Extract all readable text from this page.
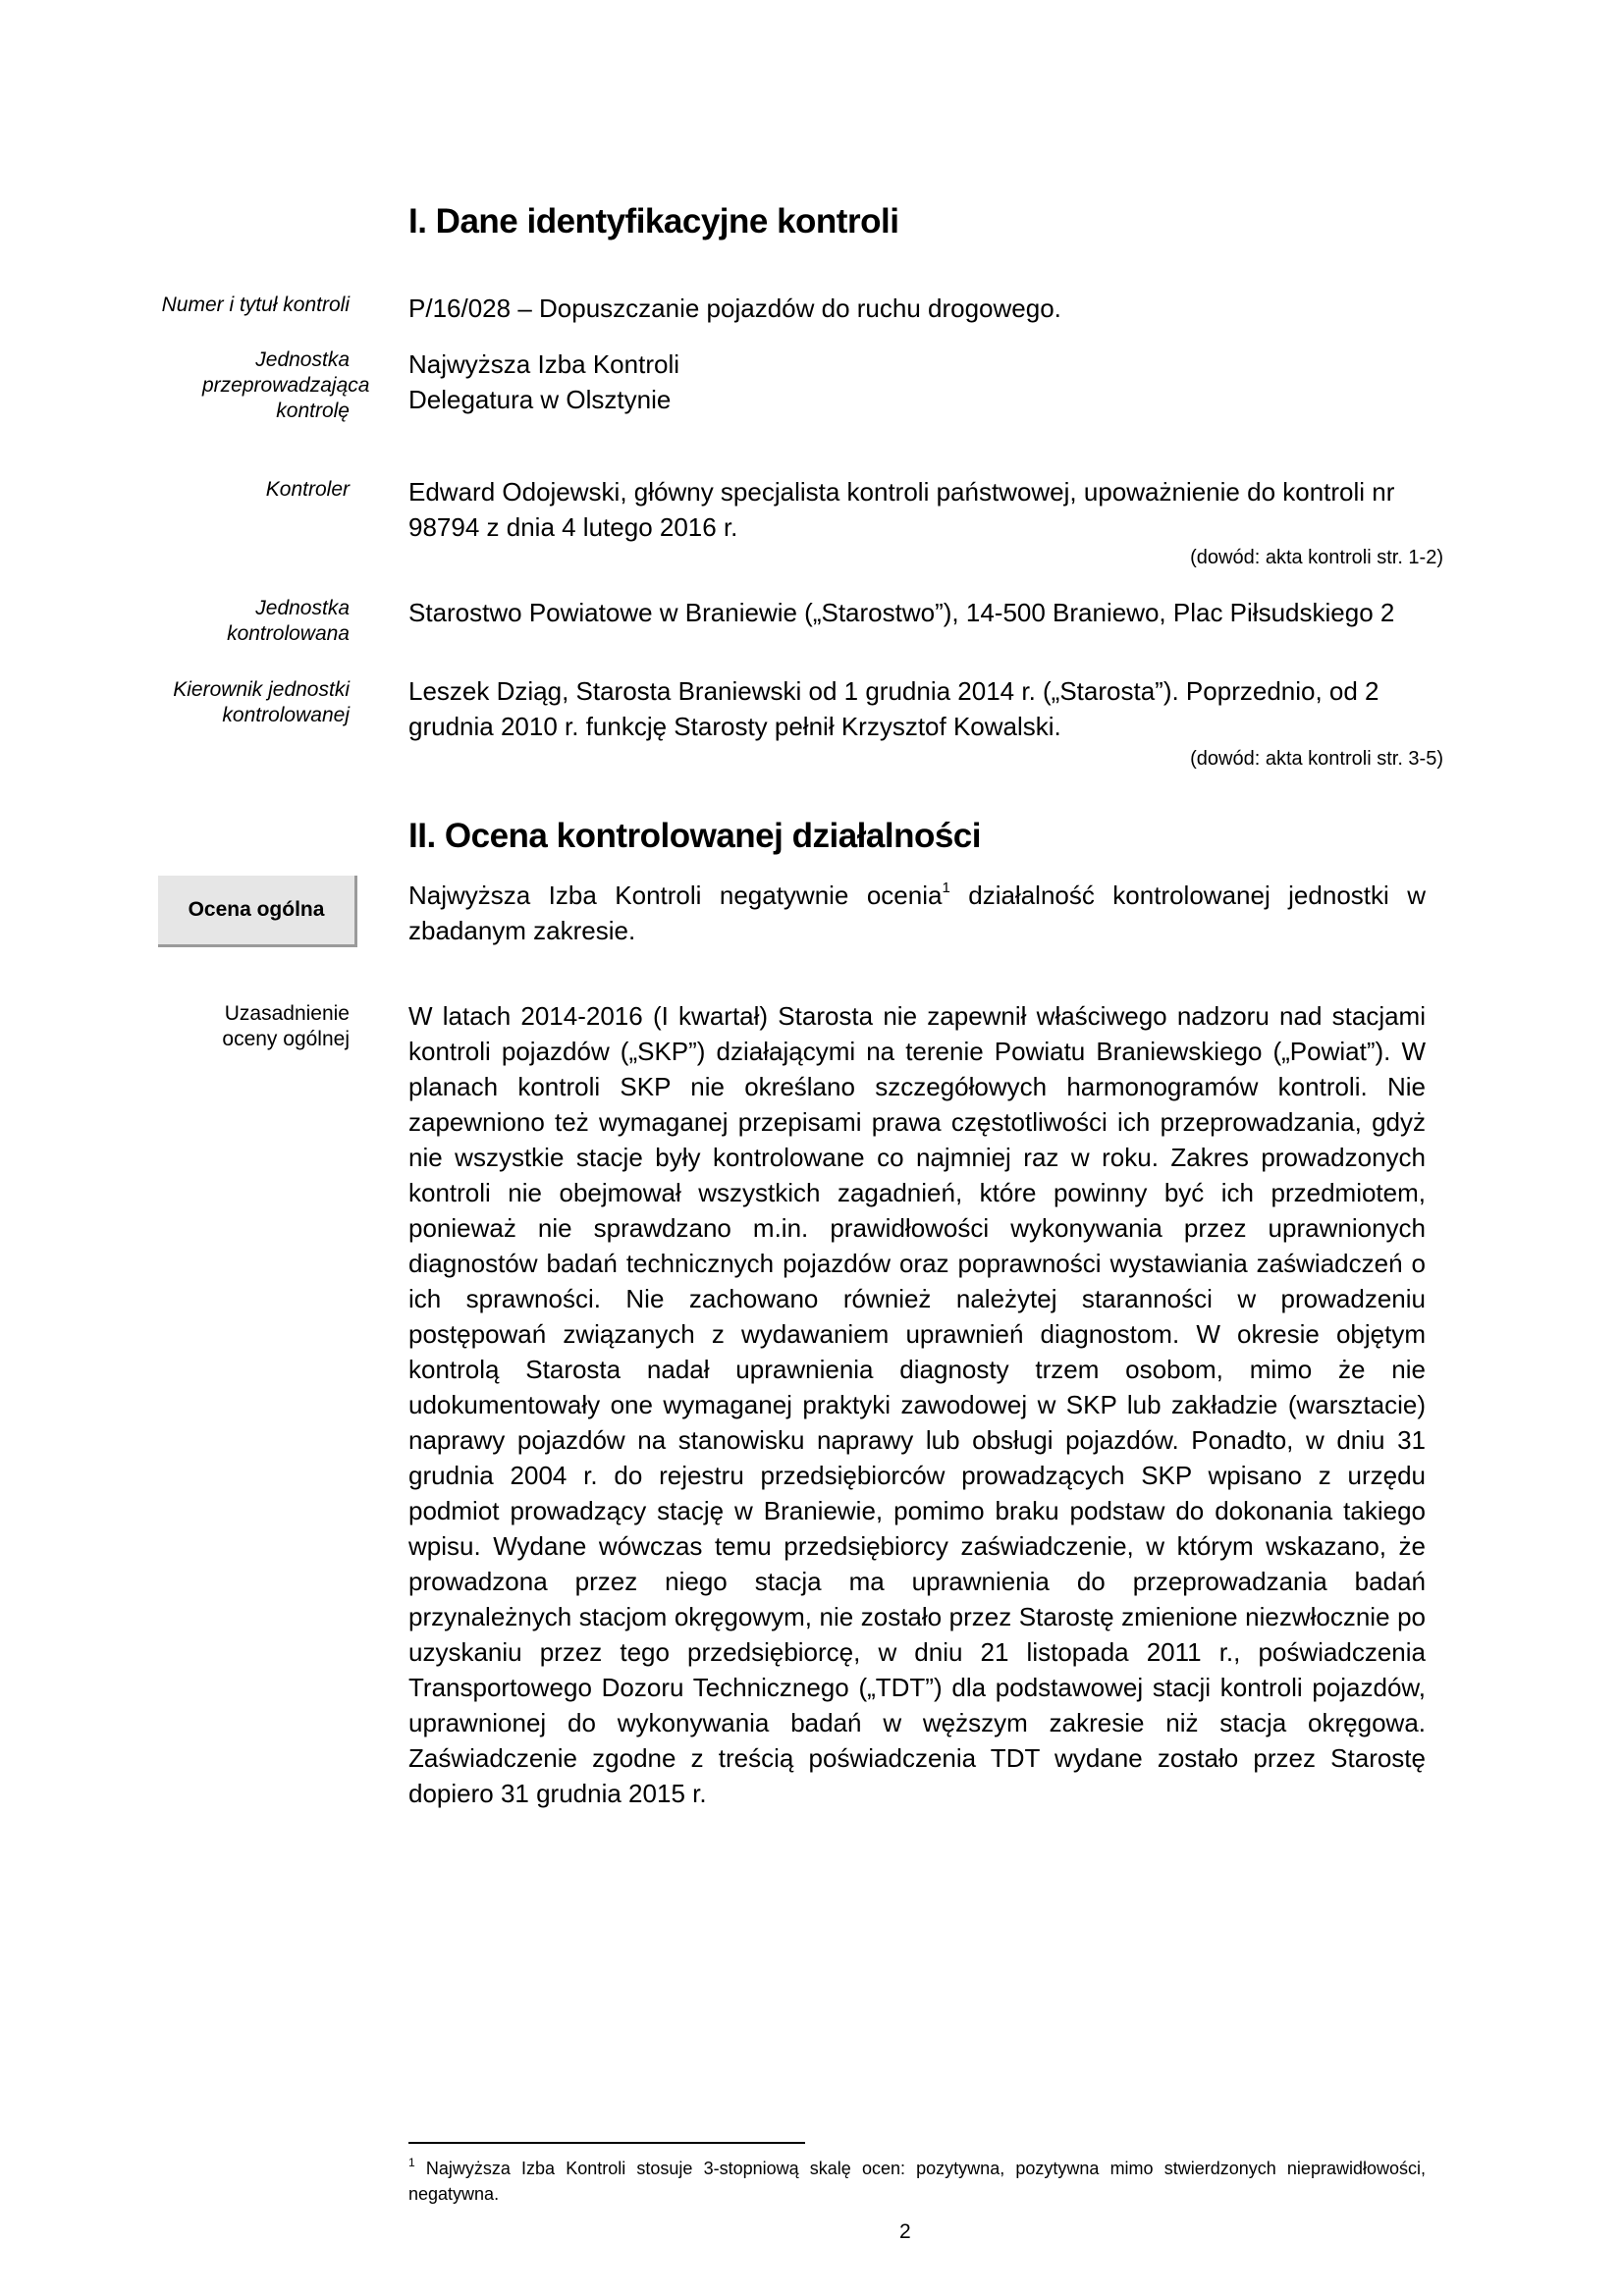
I. Dane identyfikacyjne kontroli
Numer i tytuł kontroli P/16/028 – Dopuszczanie pojazdów do ruchu drogowego.
Jednostka przeprowadzająca kontrolę
Najwyższa Izba Kontroli
Delegatura w Olsztynie
Kontroler Edward Odojewski, główny specjalista kontroli państwowej, upoważnienie do kontroli nr 98794 z dnia 4 lutego 2016 r.
(dowód: akta kontroli str. 1-2)
Jednostka kontrolowana
Starostwo Powiatowe w Braniewie („Starostwo”), 14-500 Braniewo, Plac Piłsudskiego 2
Kierownik jednostki kontrolowanej
Leszek Dziąg, Starosta Braniewski od 1 grudnia 2014 r. („Starosta”). Poprzednio, od 2 grudnia 2010 r. funkcję Starosty pełnił Krzysztof Kowalski.
(dowód: akta kontroli str. 3-5)
II. Ocena kontrolowanej działalności
Ocena ogólna	Najwyższa Izba Kontroli negatywnie ocenia$^1$ działalność kontrolowanej jednostki w zbadanym zakresie.
Uzasadnienie oceny ogólnej
W latach 2014-2016 (I kwartał) Starosta nie zapewnił właściwego nadzoru nad stacjami kontroli pojazdów („SKP”) działającymi na terenie Powiatu Braniewskiego („Powiat”). W planach kontroli SKP nie określano szczegółowych harmonogramów kontroli. Nie zapewniono też wymaganej przepisami prawa częstotliwości ich przeprowadzania, gdyż nie wszystkie stacje były kontrolowane co najmniej raz w roku. Zakres prowadzonych kontroli nie obejmował wszystkich zagadnień, które powinny być ich przedmiotem, ponieważ nie sprawdzano m.in. prawidłowości wykonywania przez uprawnionych diagnostów badań technicznych pojazdów oraz poprawności wystawiania zaświadczeń o ich sprawności. Nie zachowano również należytej staranności w prowadzeniu postępowań związanych z wydawaniem uprawnień diagnostom. W okresie objętym kontrolą Starosta nadał uprawnienia diagnosty trzem osobom, mimo że nie udokumentowały one wymaganej praktyki zawodowej w SKP lub zakładzie (warsztacie) naprawy pojazdów na stanowisku naprawy lub obsługi pojazdów. Ponadto, w dniu 31 grudnia 2004 r. do rejestru przedsiębiorców prowadzących SKP wpisano z urzędu podmiot prowadzący stację w Braniewie, pomimo braku podstaw do dokonania takiego wpisu. Wydane wówczas temu przedsiębiorcy zaświadczenie, w którym wskazano, że prowadzona przez niego stacja ma uprawnienia do przeprowadzania badań przynależnych stacjom okręgowym, nie zostało przez Starostę zmienione niezwłocznie po uzyskaniu przez tego przedsiębiorcę, w dniu 21 listopada 2011 r., poświadczenia Transportowego Dozoru Technicznego („TDT”) dla podstawowej stacji kontroli pojazdów, uprawnionej do wykonywania badań w węższym zakresie niż stacja okręgowa. Zaświadczenie zgodne z treścią poświadczenia TDT wydane zostało przez Starostę dopiero 31 grudnia 2015 r.
$^1$ Najwyższa Izba Kontroli stosuje 3-stopniową skalę ocen: pozytywna, pozytywna mimo stwierdzonych nieprawidłowości, negatywna.
2
